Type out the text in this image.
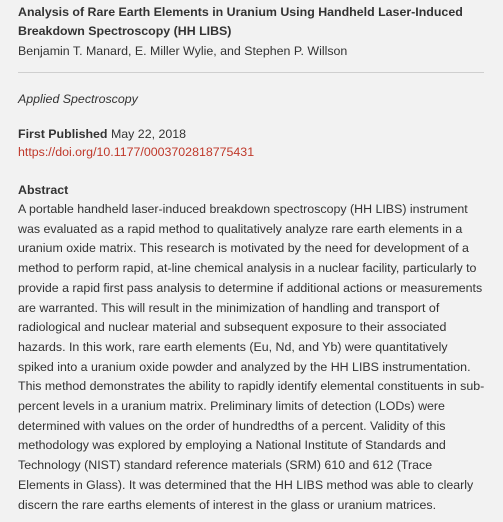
Analysis of Rare Earth Elements in Uranium Using Handheld Laser-Induced Breakdown Spectroscopy (HH LIBS)

Benjamin T. Manard, E. Miller Wylie, and Stephen P. Willson

Applied Spectroscopy

First Published May 22, 2018
https://doi.org/10.1177/0003702818775431
Abstract

A portable handheld laser-induced breakdown spectroscopy (HH LIBS) instrument was evaluated as a rapid method to qualitatively analyze rare earth elements in a uranium oxide matrix. This research is motivated by the need for development of a method to perform rapid, at-line chemical analysis in a nuclear facility, particularly to provide a rapid first pass analysis to determine if additional actions or measurements are warranted. This will result in the minimization of handling and transport of radiological and nuclear material and subsequent exposure to their associated hazards. In this work, rare earth elements (Eu, Nd, and Yb) were quantitatively spiked into a uranium oxide powder and analyzed by the HH LIBS instrumentation. This method demonstrates the ability to rapidly identify elemental constituents in sub-percent levels in a uranium matrix. Preliminary limits of detection (LODs) were determined with values on the order of hundredths of a percent. Validity of this methodology was explored by employing a National Institute of Standards and Technology (NIST) standard reference materials (SRM) 610 and 612 (Trace Elements in Glass). It was determined that the HH LIBS method was able to clearly discern the rare earths elements of interest in the glass or uranium matrices.
